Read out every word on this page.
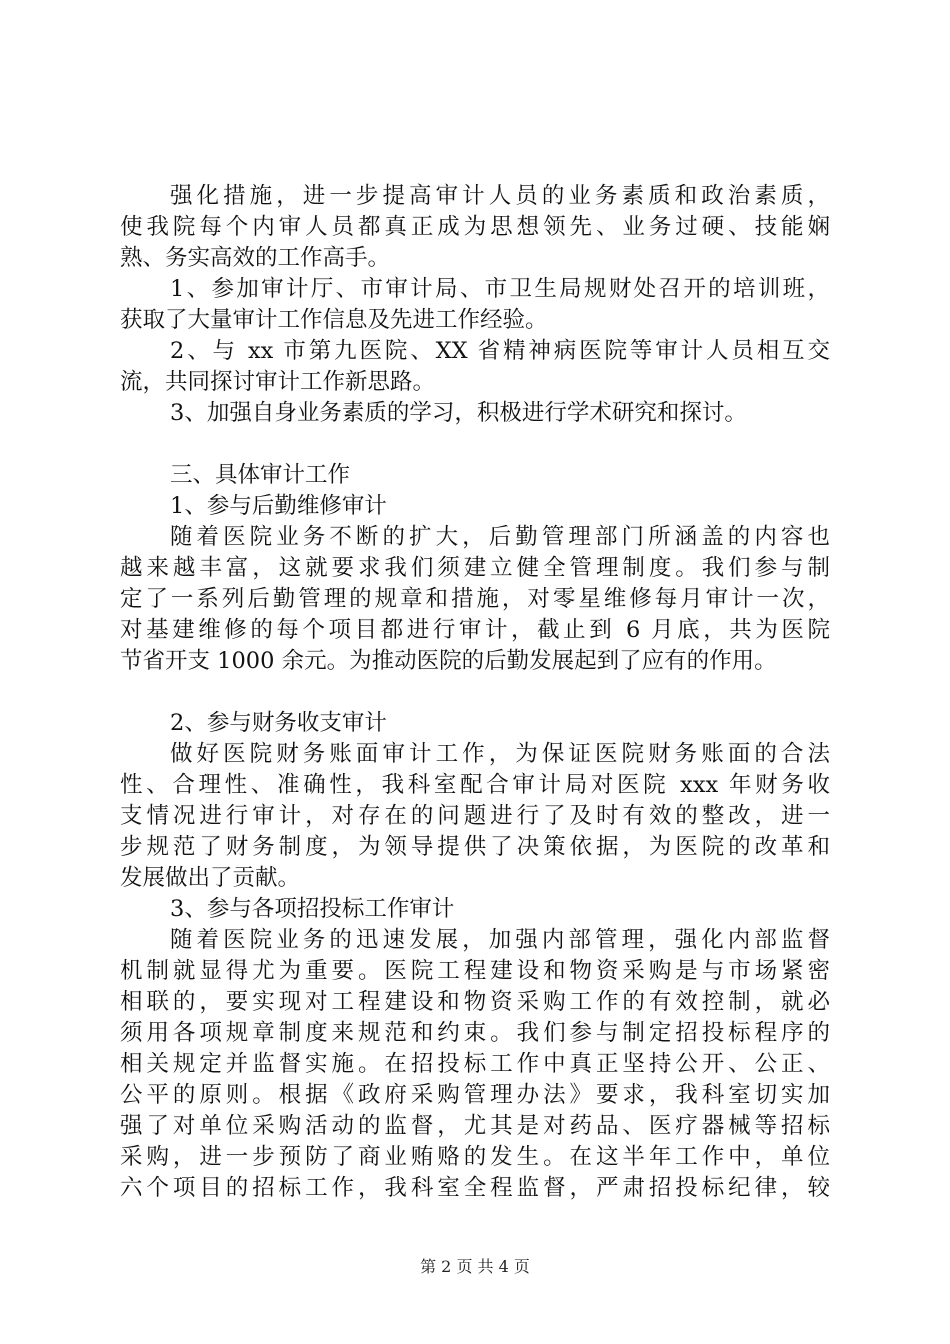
强化措施，进一步提高审计人员的业务素质和政治素质，
使我院每个内审人员都真正成为思想领先、业务过硬、技能娴
熟、务实高效的工作高手。
1、参加审计厅、市审计局、市卫生局规财处召开的培训班，
获取了大量审计工作信息及先进工作经验。
2、与 xx 市第九医院、XX 省精神病医院等审计人员相互交
流，共同探讨审计工作新思路。
3、加强自身业务素质的学习，积极进行学术研究和探讨。
三、具体审计工作
1、参与后勤维修审计
随着医院业务不断的扩大，后勤管理部门所涵盖的内容也
越来越丰富，这就要求我们须建立健全管理制度。我们参与制
定了一系列后勤管理的规章和措施，对零星维修每月审计一次，
对基建维修的每个项目都进行审计，截止到 6 月底，共为医院
节省开支 1000 余元。为推动医院的后勤发展起到了应有的作用。
2、参与财务收支审计
做好医院财务账面审计工作，为保证医院财务账面的合法
性、合理性、准确性，我科室配合审计局对医院 xxx 年财务收
支情况进行审计，对存在的问题进行了及时有效的整改，进一
步规范了财务制度，为领导提供了决策依据，为医院的改革和
发展做出了贡献。
3、参与各项招投标工作审计
随着医院业务的迅速发展，加强内部管理，强化内部监督
机制就显得尤为重要。医院工程建设和物资采购是与市场紧密
相联的，要实现对工程建设和物资采购工作的有效控制，就必
须用各项规章制度来规范和约束。我们参与制定招投标程序的
相关规定并监督实施。在招投标工作中真正坚持公开、公正、
公平的原则。根据《政府采购管理办法》要求，我科室切实加
强了对单位采购活动的监督，尤其是对药品、医疗器械等招标
采购，进一步预防了商业贿赂的发生。在这半年工作中，单位
六个项目的招标工作，我科室全程监督，严肃招投标纪律，较
第 2 页 共 4 页
